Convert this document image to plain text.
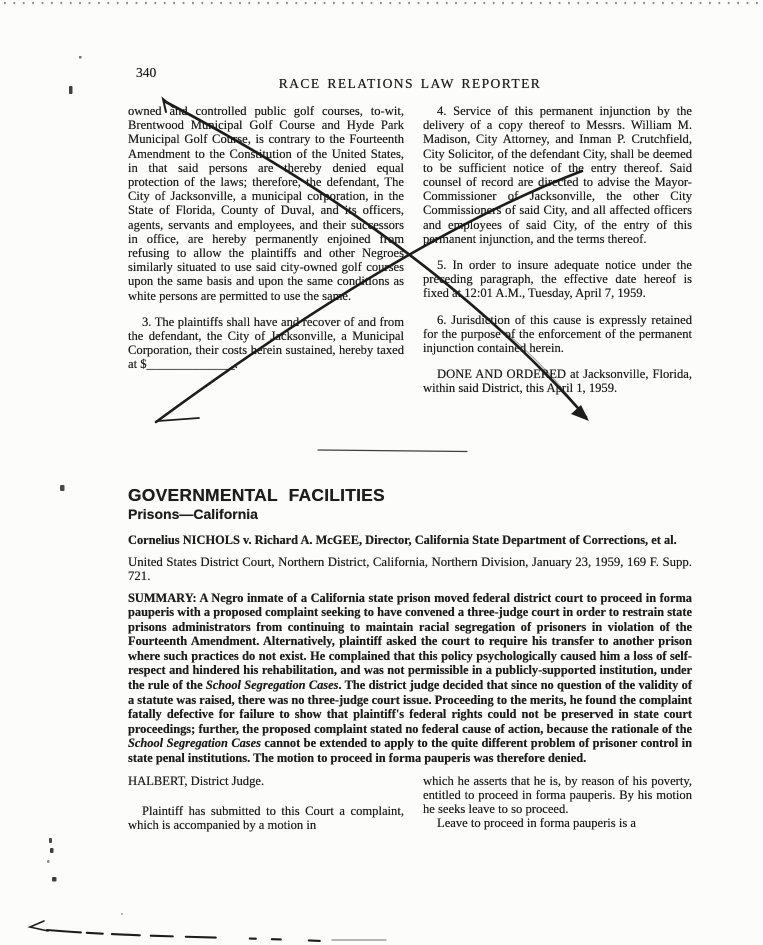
340
RACE RELATIONS LAW REPORTER

owned and controlled public golf courses, to-wit, Brentwood Municipal Golf Course and Hyde Park Municipal Golf Course, is contrary to the Fourteenth Amendment to the Constitution of the United States, in that said persons are thereby denied equal protection of the laws; therefore, the defendant, The City of Jacksonville, a municipal corporation, in the State of Florida, County of Duval, and its officers, agents, servants and employees, and their successors in office, are hereby permanently enjoined from refusing to allow the plaintiffs and other Negroes similarly situated to use said city-owned golf courses upon the same basis and upon the same conditions as white persons are permitted to use the same.

3. The plaintiffs shall have and recover of and from the defendant, the City of Jacksonville, a Municipal Corporation, their costs herein sustained, hereby taxed at $______________.

4. Service of this permanent injunction by the delivery of a copy thereof to Messrs. William M. Madison, City Attorney, and Inman P. Crutchfield, City Solicitor, of the defendant City, shall be deemed to be sufficient notice of the entry thereof. Said counsel of record are directed to advise the Mayor-Commissioner of Jacksonville, the other City Commissioners of said City, and all affected officers and employees of said City, of the entry of this permanent injunction, and the terms thereof.

5. In order to insure adequate notice under the preceding paragraph, the effective date hereof is fixed at 12:01 A.M., Tuesday, April 7, 1959.

6. Jurisdiction of this cause is expressly retained for the purpose of the enforcement of the permanent injunction contained herein.

DONE AND ORDERED at Jacksonville, Florida, within said District, this April 1, 1959.

GOVERNMENTAL FACILITIES
Prisons—California

Cornelius NICHOLS v. Richard A. McGEE, Director, California State Department of Corrections, et al.

United States District Court, Northern District, California, Northern Division, January 23, 1959, 169 F. Supp. 721.

SUMMARY: A Negro inmate of a California state prison moved federal district court to proceed in forma pauperis with a proposed complaint seeking to have convened a three-judge court in order to restrain state prisons administrators from continuing to maintain racial segregation of prisoners in violation of the Fourteenth Amendment. Alternatively, plaintiff asked the court to require his transfer to another prison where such practices do not exist. He complained that this policy psychologically caused him a loss of self-respect and hindered his rehabilitation, and was not permissible in a publicly-supported institution, under the rule of the School Segregation Cases. The district judge decided that since no question of the validity of a statute was raised, there was no three-judge court issue. Proceeding to the merits, he found the complaint fatally defective for failure to show that plaintiff's federal rights could not be preserved in state court proceedings; further, the proposed complaint stated no federal cause of action, because the rationale of the School Segregation Cases cannot be extended to apply to the quite different problem of prisoner control in state penal institutions. The motion to proceed in forma pauperis was therefore denied.

HALBERT, District Judge.

Plaintiff has submitted to this Court a complaint, which is accompanied by a motion in

which he asserts that he is, by reason of his poverty, entitled to proceed in forma pauperis. By his motion he seeks leave to so proceed.

Leave to proceed in forma pauperis is a
